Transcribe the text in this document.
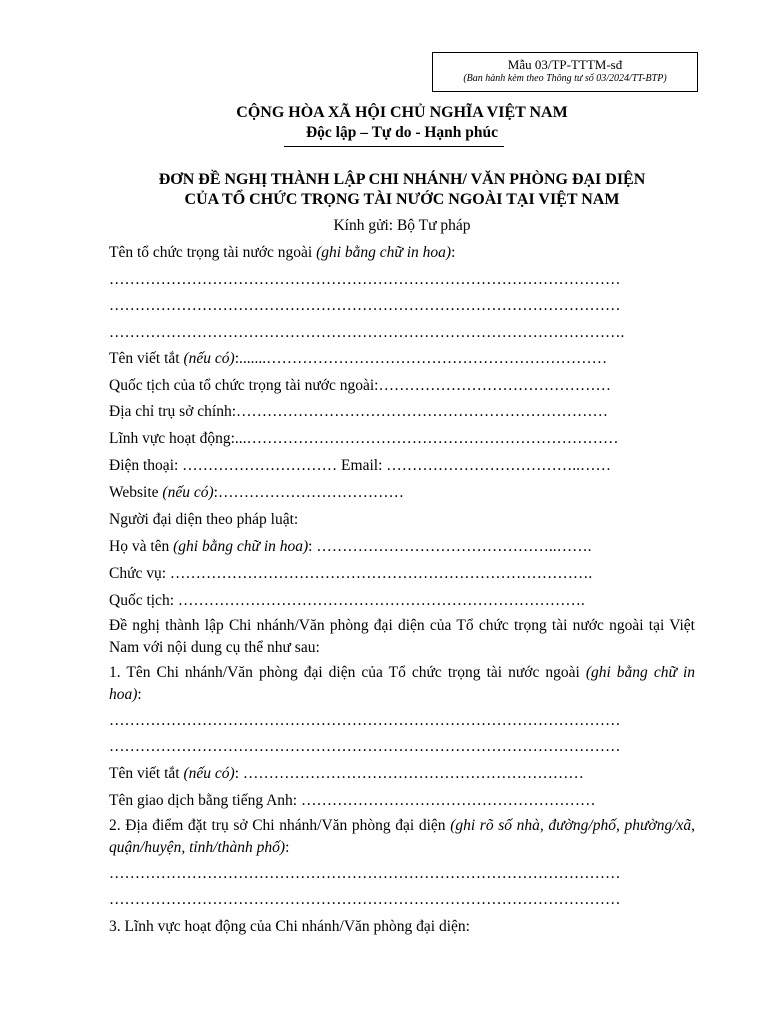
Mẫu 03/TP-TTTM-sđ
(Ban hành kèm theo Thông tư số 03/2024/TT-BTP)
CỘNG HÒA XÃ HỘI CHỦ NGHĨA VIỆT NAM
Độc lập – Tự do - Hạnh phúc
ĐƠN ĐỀ NGHỊ THÀNH LẬP CHI NHÁNH/ VĂN PHÒNG ĐẠI DIỆN
CỦA TỔ CHỨC TRỌNG TÀI NƯỚC NGOÀI TẠI VIỆT NAM
Kính gửi: Bộ Tư pháp
Tên tổ chức trọng tài nước ngoài (ghi bằng chữ in hoa):
………………………………………………………………………………………
………………………………………………………………………………………
……………………………………………………………………………………….
Tên viết tắt (nếu có):.......…………………………………………………………
Quốc tịch của tổ chức trọng tài nước ngoài:………………………………………
Địa chỉ trụ sở chính:………………………………………………………………
Lĩnh vực hoạt động:...………………………………………………………………
Điện thoại: ………………………… Email: ………………………………..……
Website (nếu có):………………………………
Người đại diện theo pháp luật:
Họ và tên (ghi bằng chữ in hoa): ………………………………………..…….
Chức vụ: ……………………………………………………………………….
Quốc tịch: …………………………………………………………………….
Đề nghị thành lập Chi nhánh/Văn phòng đại diện của Tổ chức trọng tài nước ngoài tại Việt Nam với nội dung cụ thể như sau:
1. Tên Chi nhánh/Văn phòng đại diện của Tổ chức trọng tài nước ngoài (ghi bằng chữ in hoa):
………………………………………………………………………………………
………………………………………………………………………………………
Tên viết tắt (nếu có): …………………………………………………………
Tên giao dịch bằng tiếng Anh: …………………………………………………
2. Địa điểm đặt trụ sở Chi nhánh/Văn phòng đại diện (ghi rõ số nhà, đường/phố, phường/xã, quận/huyện, tỉnh/thành phố):
………………………………………………………………………………………
………………………………………………………………………………………
3. Lĩnh vực hoạt động của Chi nhánh/Văn phòng đại diện:
